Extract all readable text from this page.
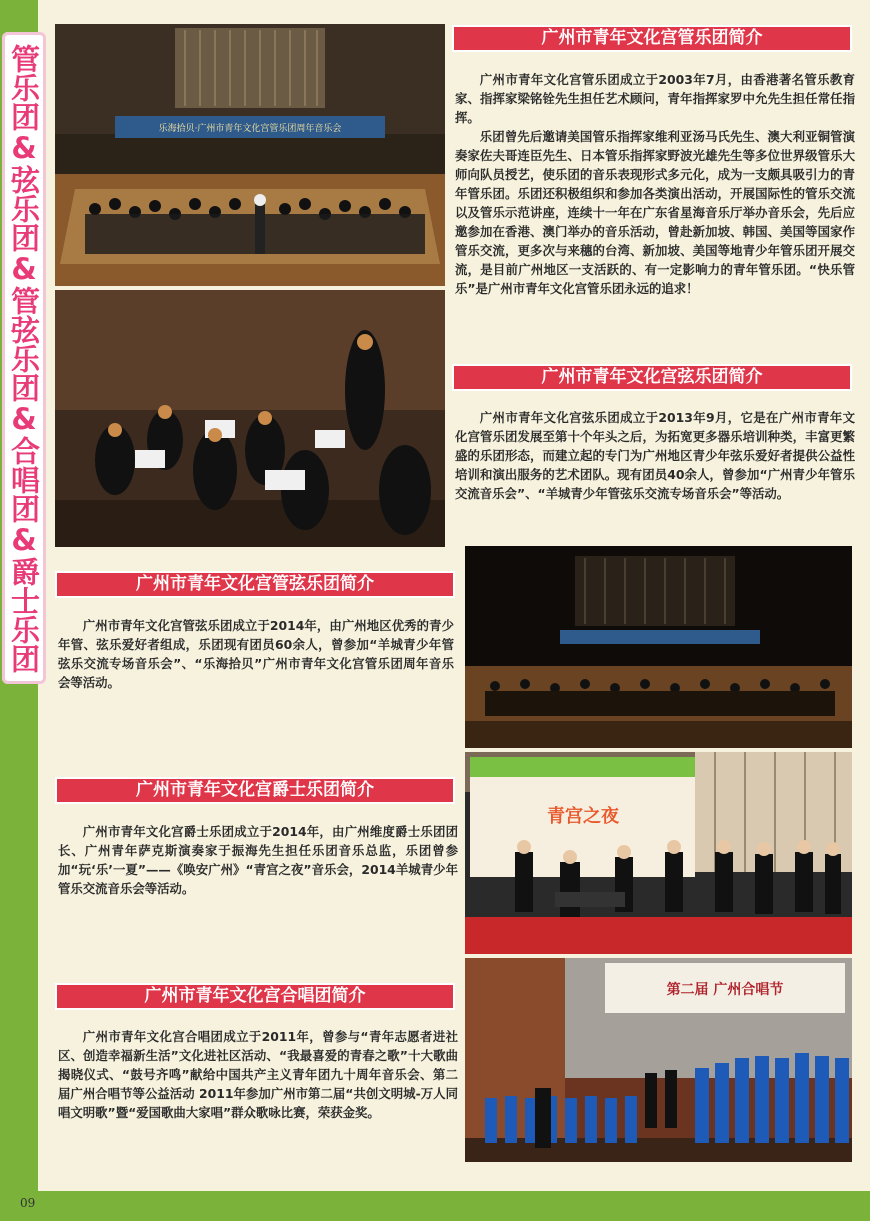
管乐团&弦乐团&管弦乐团&合唱团&爵士乐团	乐海拾贝·广州市青年文化宫管乐团周年音乐会
广州市青年文化宫管乐团简介

广州市青年文化宫管乐团成立于2003年7月，由香港著名管乐教育家、指挥家梁铭铨先生担任艺术顾问，青年指挥家罗中允先生担任常任指挥。

乐团曾先后邀请美国管乐指挥家维利亚汤马氏先生、澳大利亚铜管演奏家佐夫哥连臣先生、日本管乐指挥家野波光雄先生等多位世界级管乐大师向队员授艺，使乐团的音乐表现形式多元化，成为一支颇具吸引力的青年管乐团。乐团还积极组织和参加各类演出活动，开展国际性的管乐交流以及管乐示范讲座，连续十一年在广东省星海音乐厅举办音乐会，先后应邀参加在香港、澳门举办的音乐活动，曾赴新加坡、韩国、美国等国家作管乐交流，更多次与来穗的台湾、新加坡、美国等地青少年管乐团开展交流，是目前广州地区一支活跃的、有一定影响力的青年管乐团。“快乐管乐”是广州市青年文化宫管乐团永远的追求！

广州市青年文化宫弦乐团简介

广州市青年文化宫弦乐团成立于2013年9月，它是在广州市青年文化宫管乐团发展至第十个年头之后，为拓宽更多器乐培训种类，丰富更繁盛的乐团形态，而建立起的专门为广州地区青少年弦乐爱好者提供公益性培训和演出服务的艺术团队。现有团员40余人，曾参加“广州青少年管乐交流音乐会”、“羊城青少年管弦乐交流专场音乐会”等活动。

广州市青年文化宫管弦乐团简介

广州市青年文化宫管弦乐团成立于2014年，由广州地区优秀的青少年管、弦乐爱好者组成，乐团现有团员60余人，曾参加“羊城青少年管弦乐交流专场音乐会”、“乐海拾贝”广州市青年文化宫管乐团周年音乐会等活动。

青宫之夜
广州市青年文化宫爵士乐团简介

广州市青年文化宫爵士乐团成立于2014年，由广州维度爵士乐团团长、广州青年萨克斯演奏家于振海先生担任乐团音乐总监，乐团曾参加“玩‘乐’一夏”——《唤安广州》“青宫之夜”音乐会，2014羊城青少年管乐交流音乐会等活动。

第二届 广州合唱节
广州市青年文化宫合唱团简介

广州市青年文化宫合唱团成立于2011年，曾参与“青年志愿者进社区、创造幸福新生活”文化进社区活动、“我最喜爱的青春之歌”十大歌曲揭晓仪式、“鼓号齐鸣”献给中国共产主义青年团九十周年音乐会、第二届广州合唱节等公益活动 2011年参加广州市第二届“共创文明城-万人同唱文明歌”暨“爱国歌曲大家唱”群众歌咏比赛，荣获金奖。

09
